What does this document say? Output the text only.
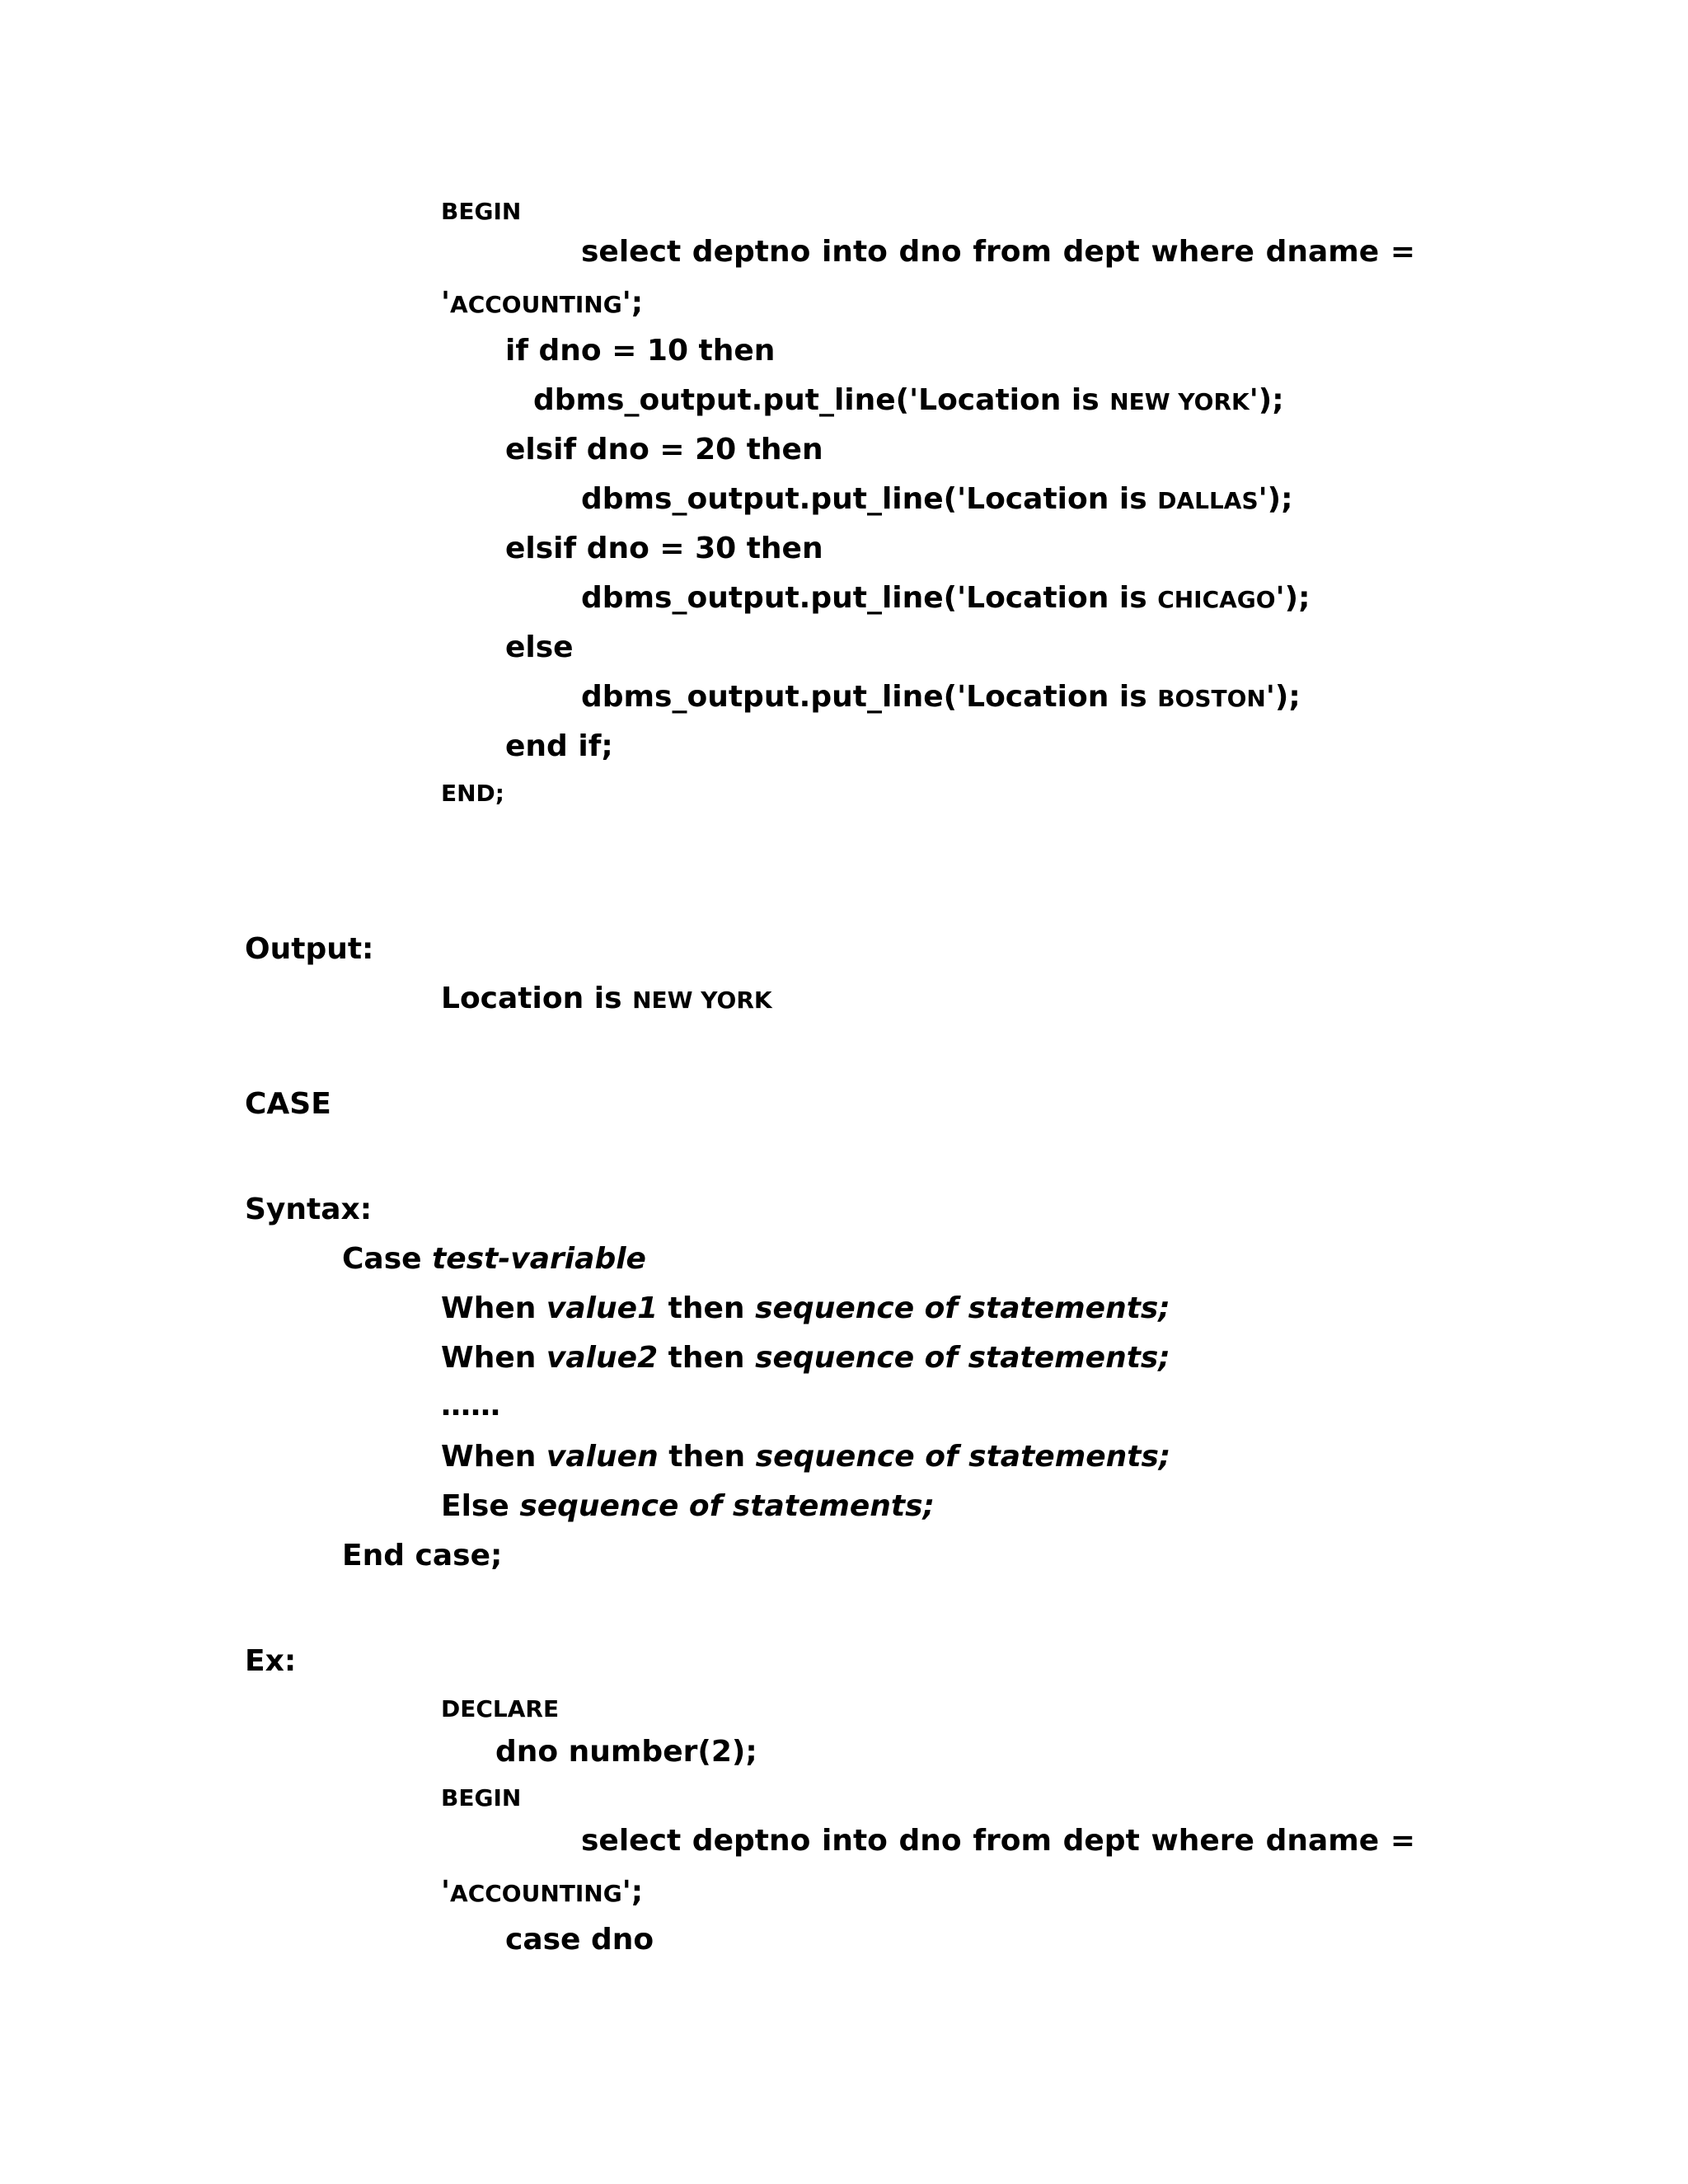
BEGIN
select deptno into dno from dept where dname =
'ACCOUNTING';
if dno = 10 then
dbms_output.put_line('Location is NEW YORK');
elsif dno = 20 then
dbms_output.put_line('Location is DALLAS');
elsif dno = 30 then
dbms_output.put_line('Location is CHICAGO');
else
dbms_output.put_line('Location is BOSTON');
end if;
END;
Output:
Location is NEW YORK
CASE
Syntax:
Case test-variable
When value1 then sequence of statements;
When value2 then sequence of statements;
……
When valuen then sequence of statements;
Else sequence of statements;
End case;
Ex:
DECLARE
dno number(2);
BEGIN
select deptno into dno from dept where dname =
'ACCOUNTING';
case dno
